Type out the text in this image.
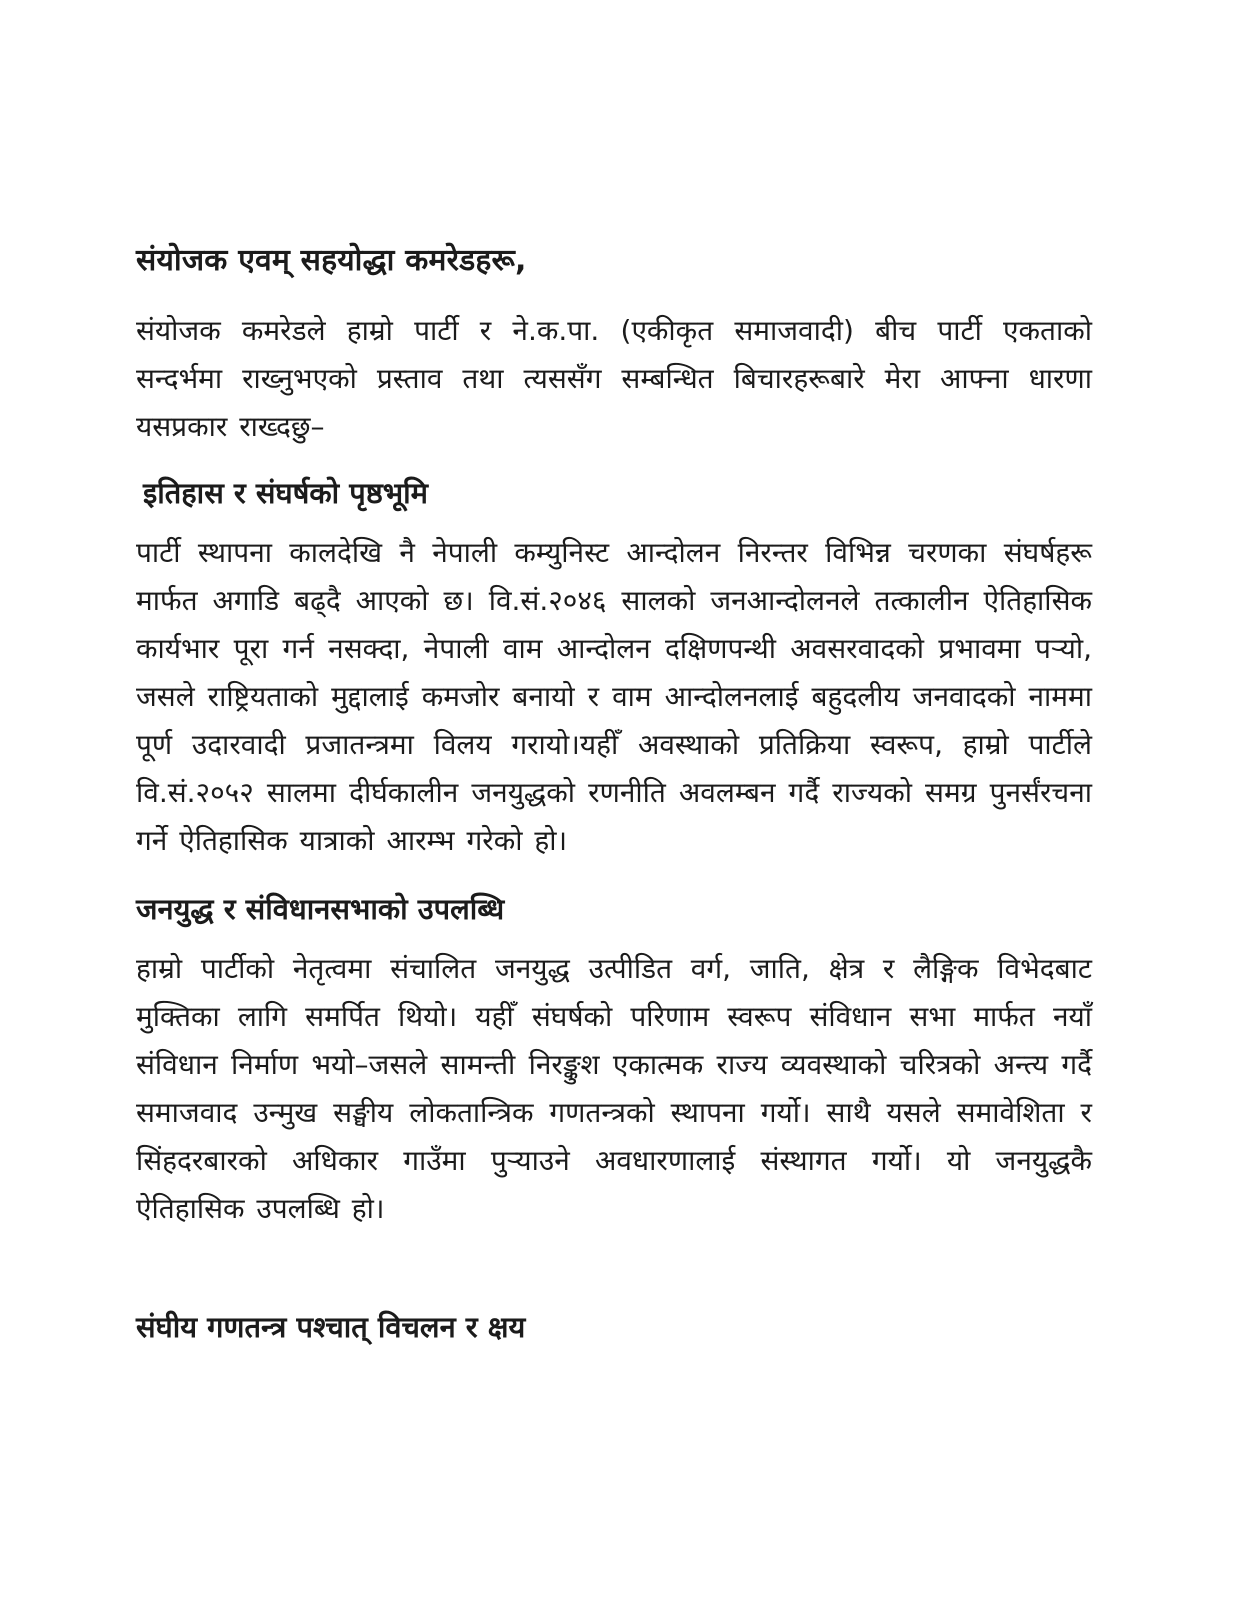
संयोजक एवम् सहयोद्धा कमरेडहरू,

संयोजक कमरेडले हाम्रो पार्टी र ने.क.पा. (एकीकृत समाजवादी) बीच पार्टी एकताको सन्दर्भमा राख्नुभएको प्रस्ताव तथा त्यससँग सम्बन्धित बिचारहरूबारे मेरा आफ्ना धारणा यसप्रकार राख्दछु–

इतिहास र संघर्षको पृष्ठभूमि

पार्टी स्थापना कालदेखि नै नेपाली कम्युनिस्ट आन्दोलन निरन्तर विभिन्न चरणका संघर्षहरू मार्फत अगाडि बढ्दै आएको छ। वि.सं.२०४६ सालको जनआन्दोलनले तत्कालीन ऐतिहासिक कार्यभार पूरा गर्न नसक्दा, नेपाली वाम आन्दोलन दक्षिणपन्थी अवसरवादको प्रभावमा पऱ्यो, जसले राष्ट्रियताको मुद्दालाई कमजोर बनायो र वाम आन्दोलनलाई बहुदलीय जनवादको नाममा पूर्ण उदारवादी प्रजातन्त्रमा विलय गरायो।यहीँ अवस्थाको प्रतिक्रिया स्वरूप, हाम्रो पार्टीले वि.सं.२०५२ सालमा दीर्घकालीन जनयुद्धको रणनीति अवलम्बन गर्दै राज्यको समग्र पुनर्संरचना गर्ने ऐतिहासिक यात्राको आरम्भ गरेको हो।

जनयुद्ध र संविधानसभाको उपलब्धि

हाम्रो पार्टीको नेतृत्वमा संचालित जनयुद्ध उत्पीडित वर्ग, जाति, क्षेत्र र लैङ्गिक विभेदबाट मुक्तिका लागि समर्पित थियो। यहीँ संघर्षको परिणाम स्वरूप संविधान सभा मार्फत नयाँ संविधान निर्माण भयो–जसले सामन्ती निरङ्कुश एकात्मक राज्य व्यवस्थाको चरित्रको अन्त्य गर्दै समाजवाद उन्मुख सङ्घीय लोकतान्त्रिक गणतन्त्रको स्थापना गर्यो। साथै यसले समावेशिता र सिंहदरबारको अधिकार गाउँमा पुऱ्याउने अवधारणालाई संस्थागत गर्यो। यो जनयुद्धकै ऐतिहासिक उपलब्धि हो।

संघीय गणतन्त्र पश्चात् विचलन र क्षय
